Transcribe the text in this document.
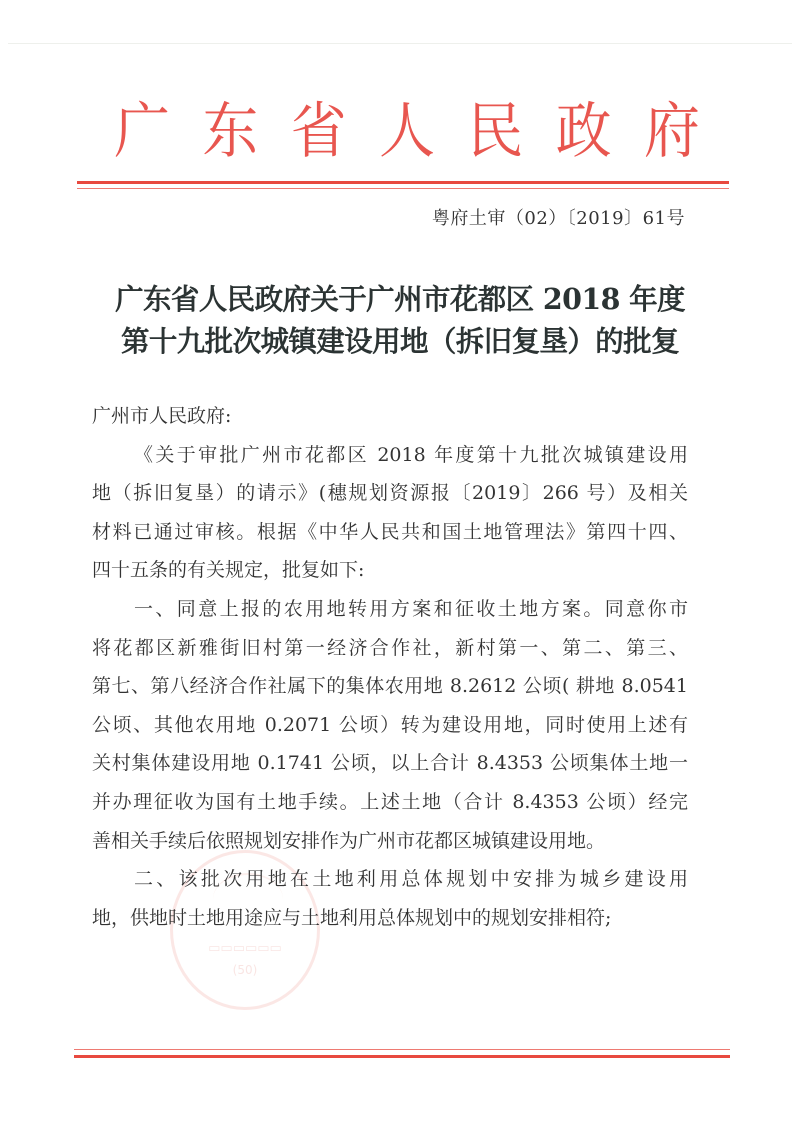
广 东 省 人 民 政 府
粤府土审（02）〔2019〕61号
广东省人民政府关于广州市花都区 2018 年度
第十九批次城镇建设用地（拆旧复垦）的批复
▭▭▭▭▭▭
(50)
广州市人民政府:
《关于审批广州市花都区 2018 年度第十九批次城镇建设用
地（拆旧复垦）的请示》(穗规划资源报〔2019〕266 号）及相关
材料已通过审核。根据《中华人民共和国土地管理法》第四十四、
四十五条的有关规定，批复如下:
一、同意上报的农用地转用方案和征收土地方案。同意你市
将花都区新雅街旧村第一经济合作社，新村第一、第二、第三、
第七、第八经济合作社属下的集体农用地 8.2612 公顷( 耕地 8.0541
公顷、其他农用地 0.2071 公顷）转为建设用地，同时使用上述有
关村集体建设用地 0.1741 公顷，以上合计 8.4353 公顷集体土地一
并办理征收为国有土地手续。上述土地（合计 8.4353 公顷）经完
善相关手续后依照规划安排作为广州市花都区城镇建设用地。
二、该批次用地在土地利用总体规划中安排为城乡建设用
地，供地时土地用途应与土地利用总体规划中的规划安排相符;
